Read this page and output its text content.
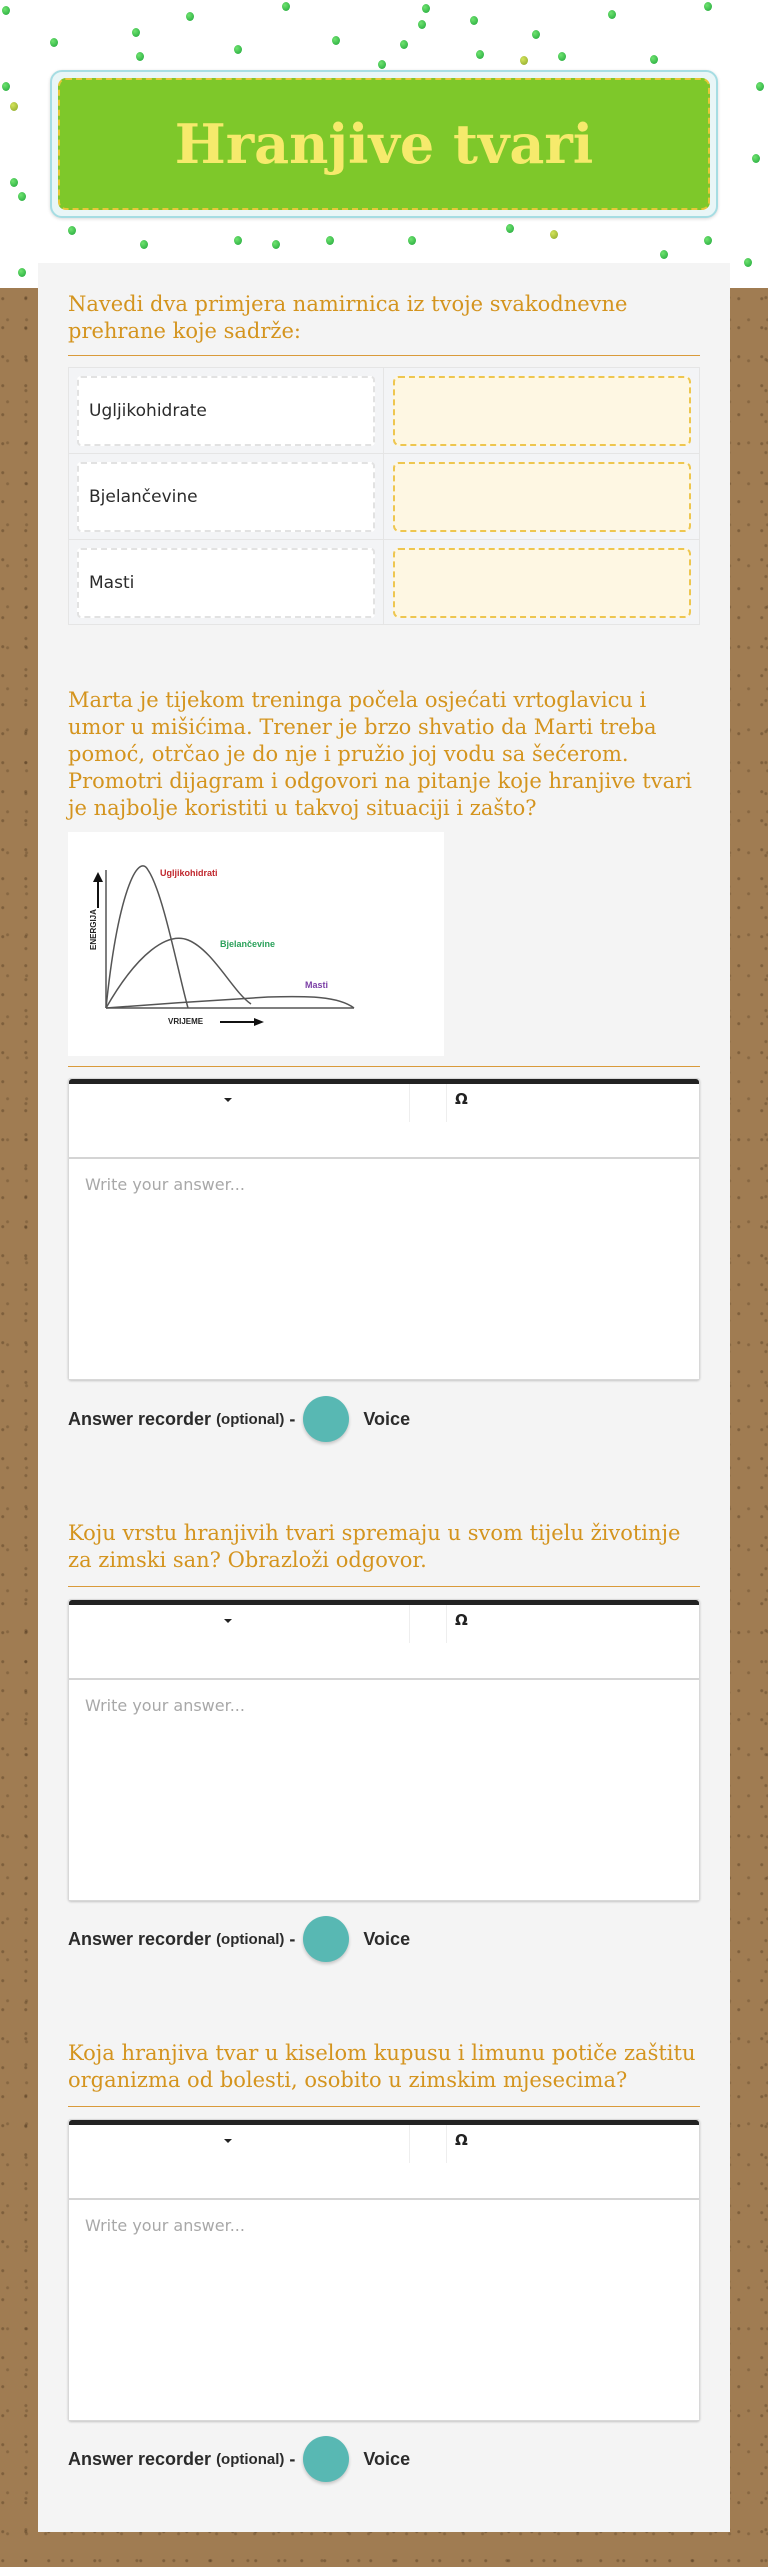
Hranjive tvari
Navedi dva primjera namirnica iz tvoje svakodnevne prehrane koje sadrže:
Ugljikohidrate
Bjelančevine
Masti
Marta je tijekom treninga počela osjećati vrtoglavicu i umor u mišićima. Trener je brzo shvatio da Marti treba pomoć, otrčao je do nje i pružio joj vodu sa šećerom. Promotri dijagram i odgovori na pitanje koje hranjive tvari je najbolje koristiti u takvoj situaciji i zašto?
ENERGIJA
VRIJEME
Ugljikohidrati
Bjelančevine
Masti
Ω
Write your answer...
Answer recorder (optional) -	Voice
Koju vrstu hranjivih tvari spremaju u svom tijelu životinje za zimski san? Obrazloži odgovor.
Ω
Write your answer...
Answer recorder (optional) -	Voice
Koja hranjiva tvar u kiselom kupusu i limunu potiče zaštitu organizma od bolesti, osobito u zimskim mjesecima?
Ω
Write your answer...
Answer recorder (optional) -	Voice
